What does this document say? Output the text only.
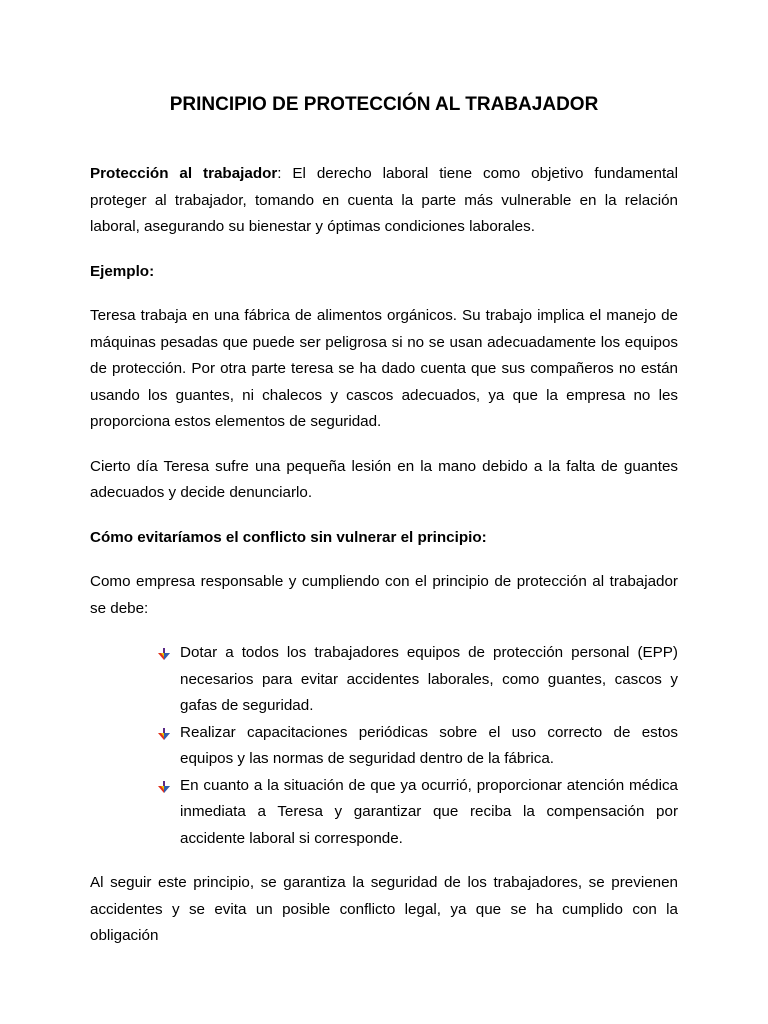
PRINCIPIO DE PROTECCIÓN AL TRABAJADOR

Protección al trabajador: El derecho laboral tiene como objetivo fundamental proteger al trabajador, tomando en cuenta la parte más vulnerable en la relación laboral, asegurando su bienestar y óptimas condiciones laborales.

Ejemplo:

Teresa trabaja en una fábrica de alimentos orgánicos. Su trabajo implica el manejo de máquinas pesadas que puede ser peligrosa si no se usan adecuadamente los equipos de protección. Por otra parte teresa se ha dado cuenta que sus compañeros no están usando los guantes, ni chalecos y cascos adecuados, ya que la empresa no les proporciona estos elementos de seguridad.

Cierto día Teresa sufre una pequeña lesión en la mano debido a la falta de guantes adecuados y decide denunciarlo.

Cómo evitaríamos el conflicto sin vulnerar el principio:

Como empresa responsable y cumpliendo con el principio de protección al trabajador se debe:

Dotar a todos los trabajadores equipos de protección personal (EPP) necesarios para evitar accidentes laborales, como guantes, cascos y gafas de seguridad.
Realizar capacitaciones periódicas sobre el uso correcto de estos equipos y las normas de seguridad dentro de la fábrica.
En cuanto a la situación de que ya ocurrió, proporcionar atención médica inmediata a Teresa y garantizar que reciba la compensación por accidente laboral si corresponde.

Al seguir este principio, se garantiza la seguridad de los trabajadores, se previenen accidentes y se evita un posible conflicto legal, ya que se ha cumplido con la obligación
